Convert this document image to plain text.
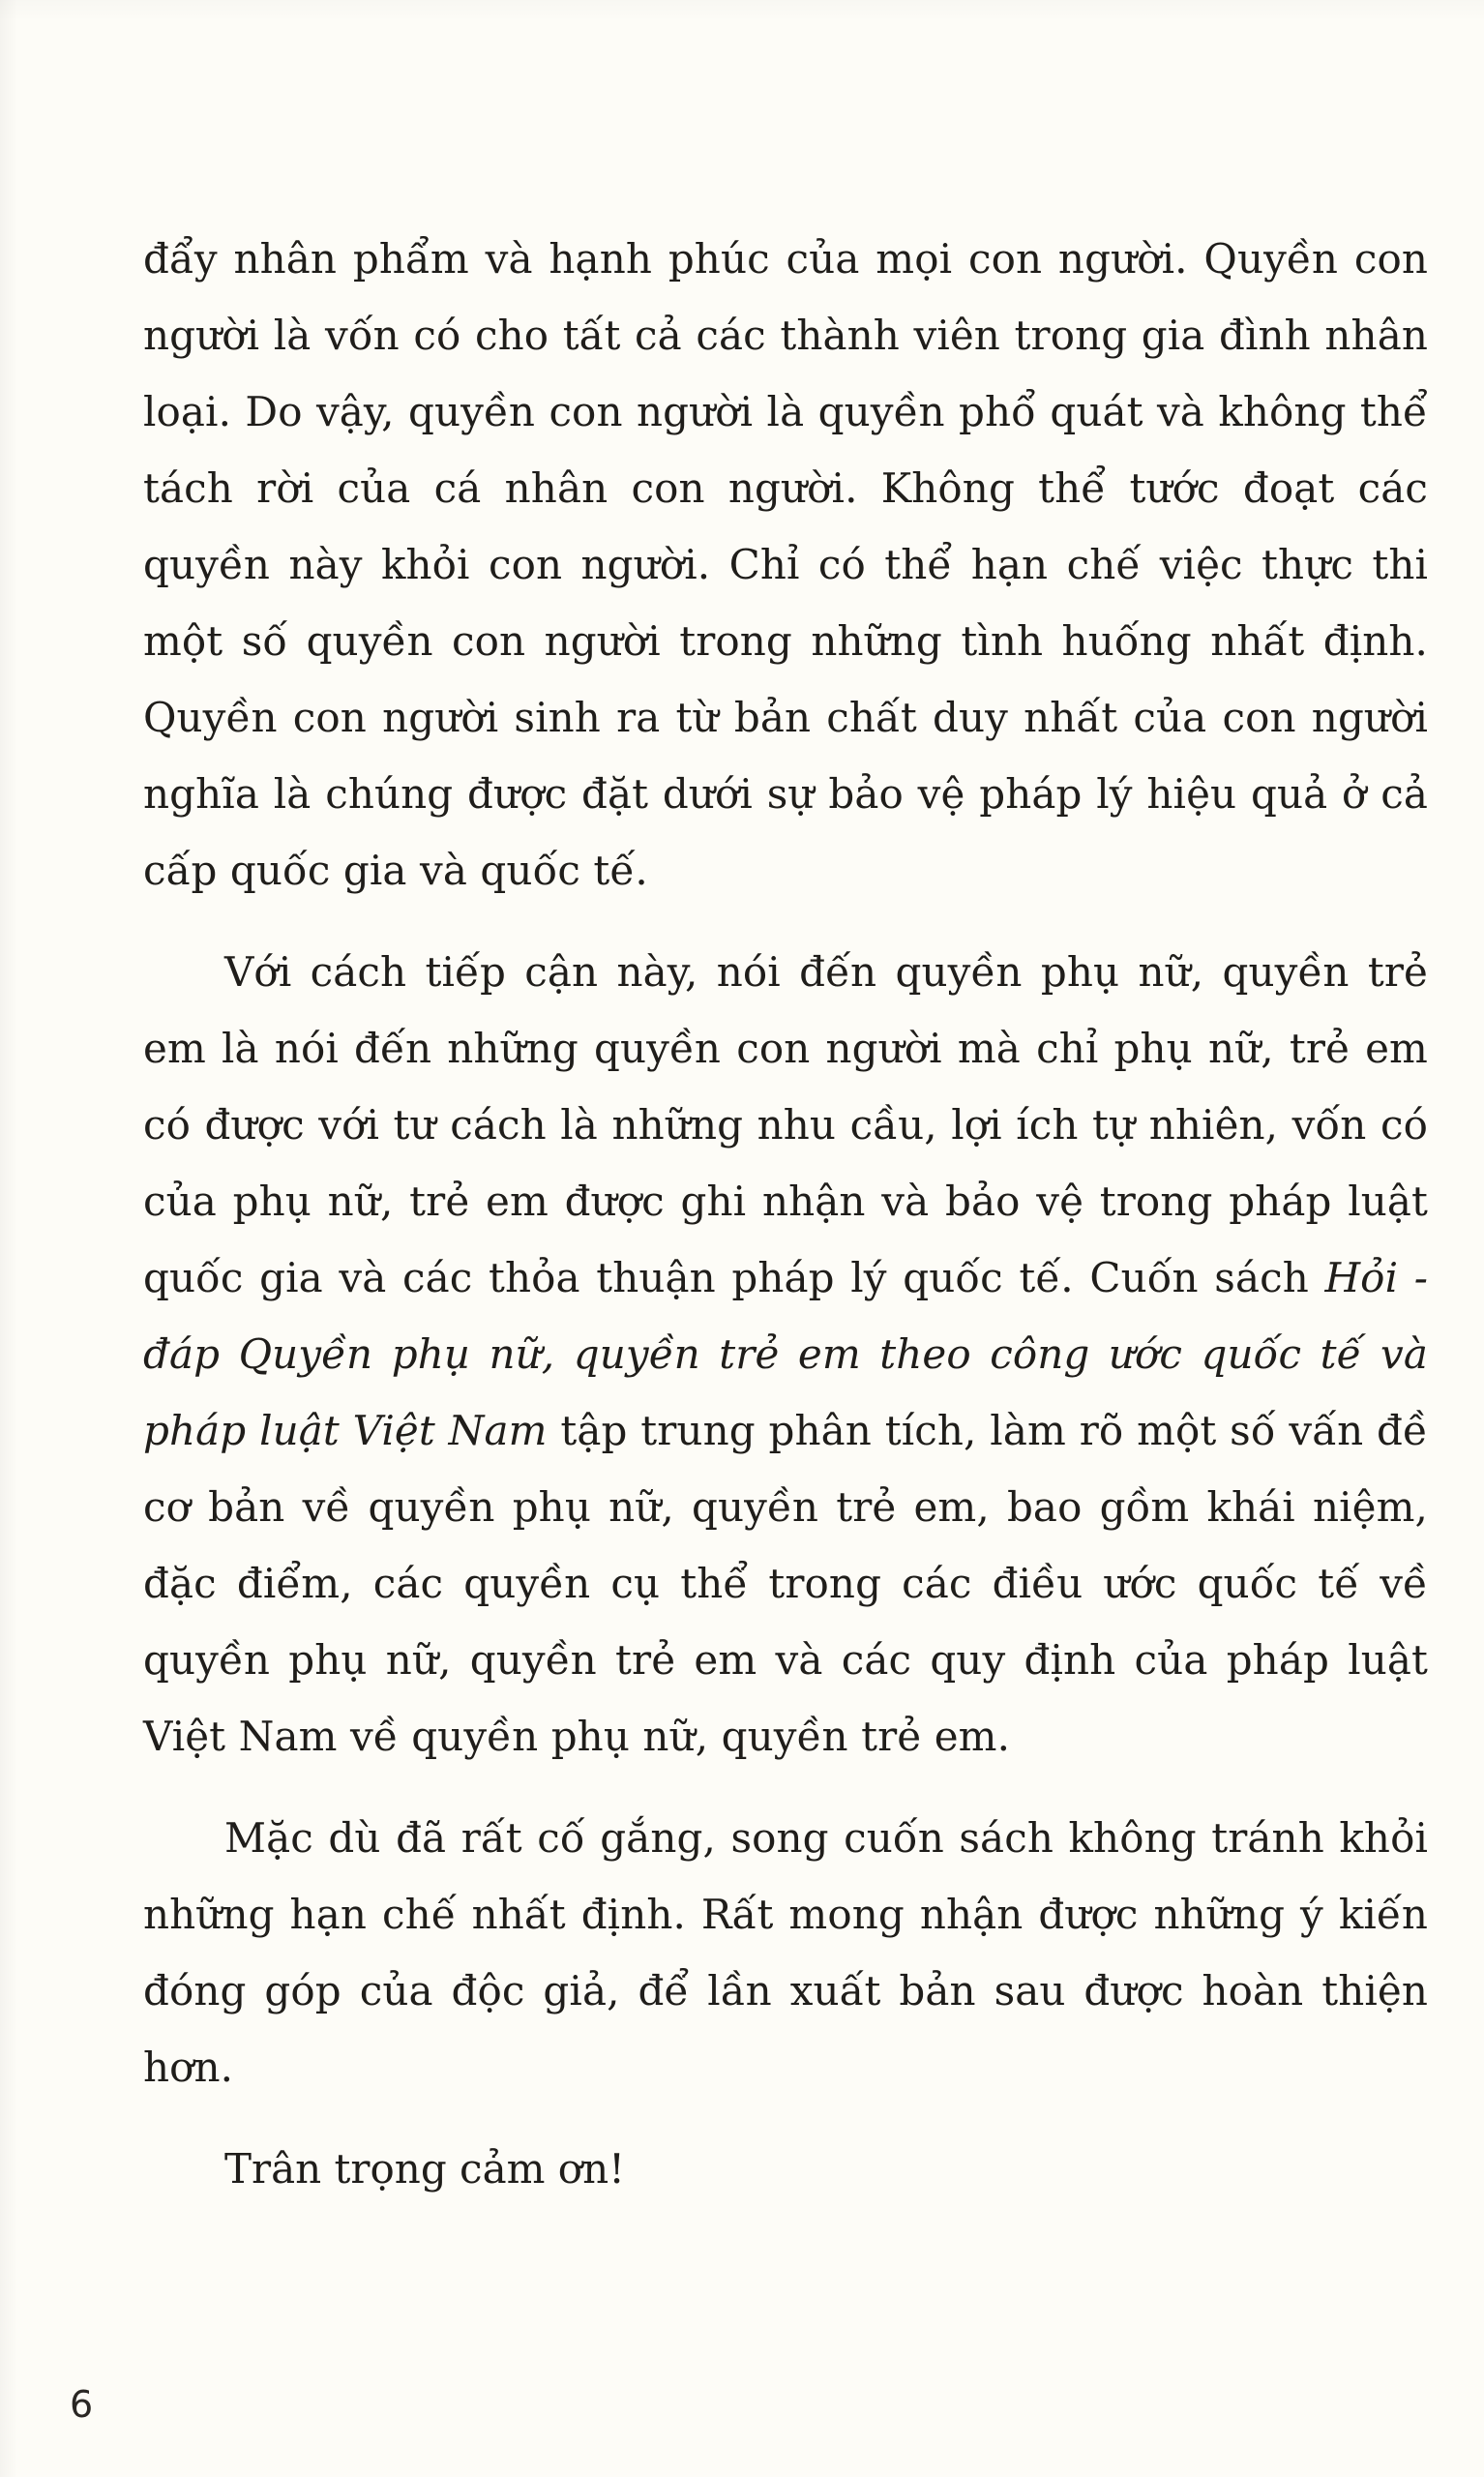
đẩy nhân phẩm và hạnh phúc của mọi con người. Quyền con người là vốn có cho tất cả các thành viên trong gia đình nhân loại. Do vậy, quyền con người là quyền phổ quát và không thể tách rời của cá nhân con người. Không thể tước đoạt các quyền này khỏi con người. Chỉ có thể hạn chế việc thực thi một số quyền con người trong những tình huống nhất định. Quyền con người sinh ra từ bản chất duy nhất của con người nghĩa là chúng được đặt dưới sự bảo vệ pháp lý hiệu quả ở cả cấp quốc gia và quốc tế.

Với cách tiếp cận này, nói đến quyền phụ nữ, quyền trẻ em là nói đến những quyền con người mà chỉ phụ nữ, trẻ em có được với tư cách là những nhu cầu, lợi ích tự nhiên, vốn có của phụ nữ, trẻ em được ghi nhận và bảo vệ trong pháp luật quốc gia và các thỏa thuận pháp lý quốc tế. Cuốn sách Hỏi - đáp Quyền phụ nữ, quyền trẻ em theo công ước quốc tế và pháp luật Việt Nam tập trung phân tích, làm rõ một số vấn đề cơ bản về quyền phụ nữ, quyền trẻ em, bao gồm khái niệm, đặc điểm, các quyền cụ thể trong các điều ước quốc tế về quyền phụ nữ, quyền trẻ em và các quy định của pháp luật Việt Nam về quyền phụ nữ, quyền trẻ em.

Mặc dù đã rất cố gắng, song cuốn sách không tránh khỏi những hạn chế nhất định. Rất mong nhận được những ý kiến đóng góp của độc giả, để lần xuất bản sau được hoàn thiện hơn.

Trân trọng cảm ơn!

6
